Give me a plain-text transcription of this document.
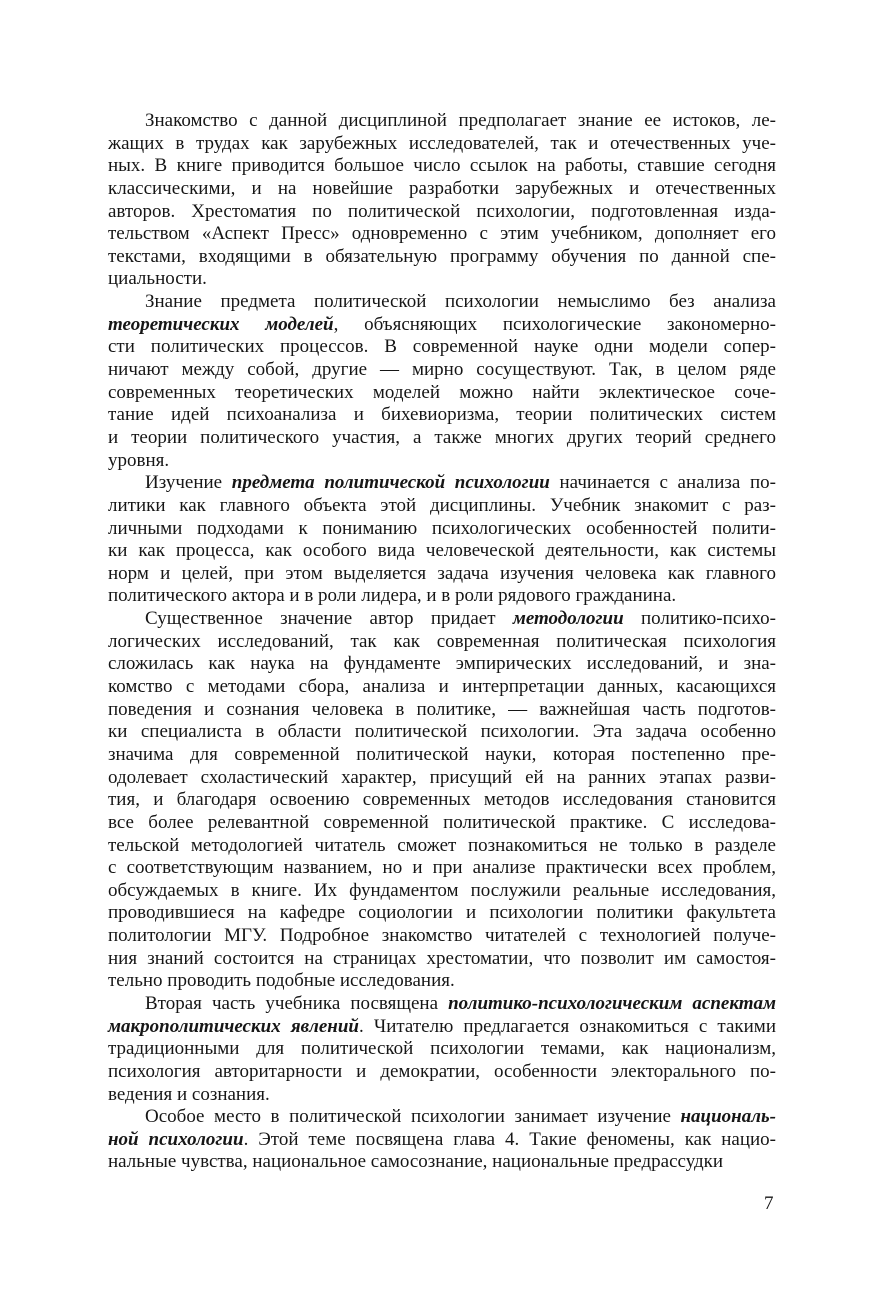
Знакомство с данной дисциплиной предполагает знание ее истоков, ле-
жащих в трудах как зарубежных исследователей, так и отечественных уче-
ных. В книге приводится большое число ссылок на работы, ставшие сегодня
классическими, и на новейшие разработки зарубежных и отечественных
авторов. Хрестоматия по политической психологии, подготовленная изда-
тельством «Аспект Пресс» одновременно с этим учебником, дополняет его
текстами, входящими в обязательную программу обучения по данной спе-
циальности.
Знание предмета политической психологии немыслимо без анализа
теоретических моделей, объясняющих психологические закономерно-
сти политических процессов. В современной науке одни модели сопер-
ничают между собой, другие — мирно сосуществуют. Так, в целом ряде
современных теоретических моделей можно найти эклектическое соче-
тание идей психоанализа и бихевиоризма, теории политических систем
и теории политического участия, а также многих других теорий среднего
уровня.
Изучение предмета политической психологии начинается с анализа по-
литики как главного объекта этой дисциплины. Учебник знакомит с раз-
личными подходами к пониманию психологических особенностей полити-
ки как процесса, как особого вида человеческой деятельности, как системы
норм и целей, при этом выделяется задача изучения человека как главного
политического актора и в роли лидера, и в роли рядового гражданина.
Существенное значение автор придает методологии политико-психо-
логических исследований, так как современная политическая психология
сложилась как наука на фундаменте эмпирических исследований, и зна-
комство с методами сбора, анализа и интерпретации данных, касающихся
поведения и сознания человека в политике, — важнейшая часть подготов-
ки специалиста в области политической психологии. Эта задача особенно
значима для современной политической науки, которая постепенно пре-
одолевает схоластический характер, присущий ей на ранних этапах разви-
тия, и благодаря освоению современных методов исследования становится
все более релевантной современной политической практике. С исследова-
тельской методологией читатель сможет познакомиться не только в разделе
с соответствующим названием, но и при анализе практически всех проблем,
обсуждаемых в книге. Их фундаментом послужили реальные исследования,
проводившиеся на кафедре социологии и психологии политики факультета
политологии МГУ. Подробное знакомство читателей с технологией получе-
ния знаний состоится на страницах хрестоматии, что позволит им самостоя-
тельно проводить подобные исследования.
Вторая часть учебника посвящена политико-психологическим аспектам
макрополитических явлений. Читателю предлагается ознакомиться с такими
традиционными для политической психологии темами, как национализм,
психология авторитарности и демократии, особенности электорального по-
ведения и сознания.
Особое место в политической психологии занимает изучение националь-
ной психологии. Этой теме посвящена глава 4. Такие феномены, как нацио-
нальные чувства, национальное самосознание, национальные предрассудки
7
